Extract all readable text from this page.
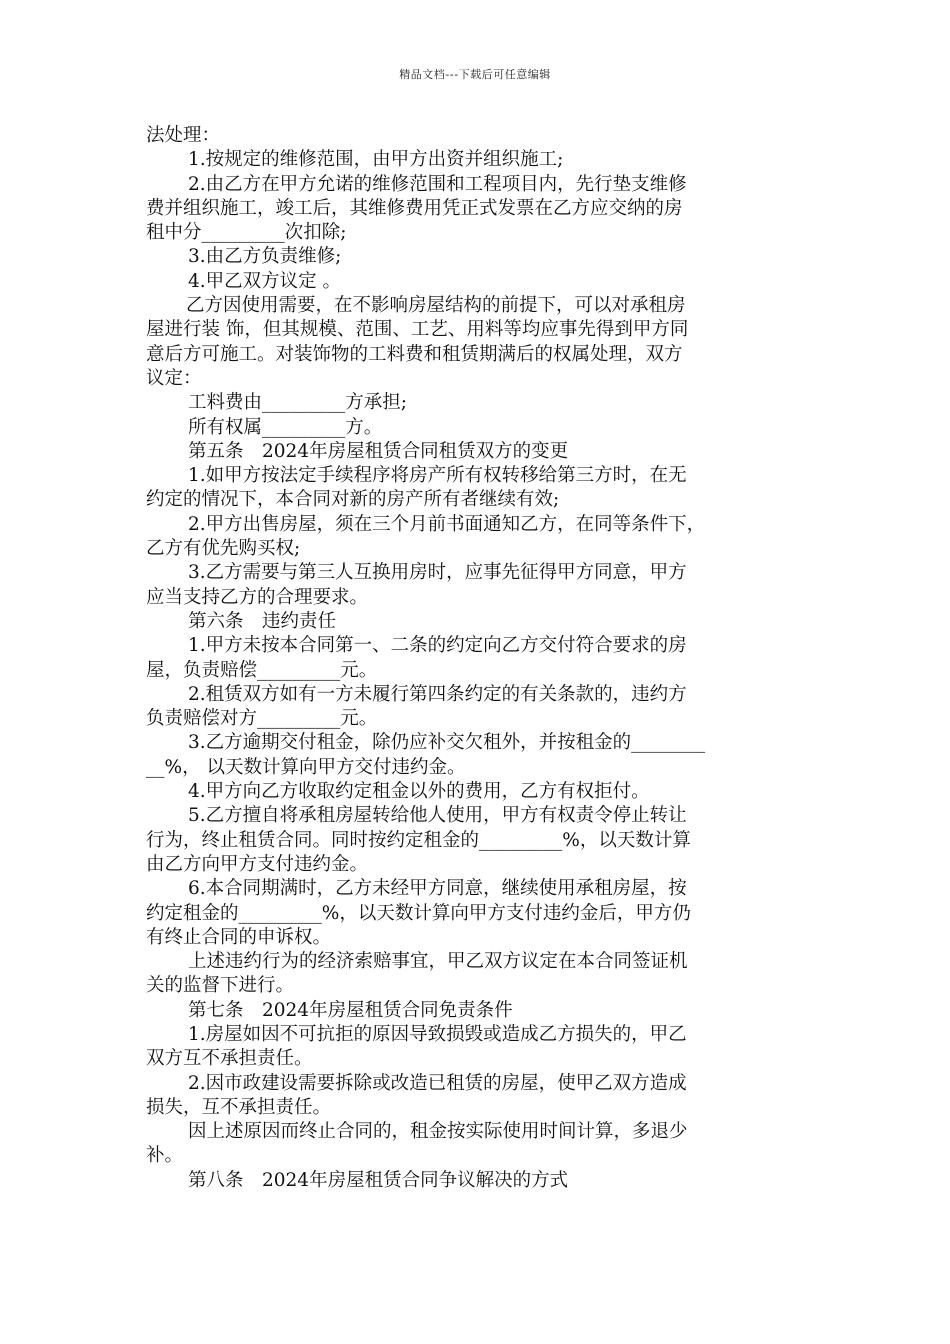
精品文档---下载后可任意编辑
法处理：
1.按规定的维修范围，由甲方出资并组织施工;
2.由乙方在甲方允诺的维修范围和工程项目内，先行垫支维修
费并组织施工，竣工后，其维修费用凭正式发票在乙方应交纳的房
租中分_________次扣除;
3.由乙方负责维修;
4.甲乙双方议定 。
乙方因使用需要，在不影响房屋结构的前提下，可以对承租房
屋进行装 饰，但其规模、范围、工艺、用料等均应事先得到甲方同
意后方可施工。对装饰物的工料费和租赁期满后的权属处理，双方
议定：
工料费由_________方承担;
所有权属_________方。
第五条　2024年房屋租赁合同租赁双方的变更
1.如甲方按法定手续程序将房产所有权转移给第三方时，在无
约定的情况下，本合同对新的房产所有者继续有效;
2.甲方出售房屋，须在三个月前书面通知乙方，在同等条件下，
乙方有优先购买权;
3.乙方需要与第三人互换用房时，应事先征得甲方同意，甲方
应当支持乙方的合理要求。
第六条　违约责任
1.甲方未按本合同第一、二条的约定向乙方交付符合要求的房
屋，负责赔偿_________元。
2.租赁双方如有一方未履行第四条约定的有关条款的，违约方
负责赔偿对方_________元。
3.乙方逾期交付租金，除仍应补交欠租外，并按租金的________
__%， 以天数计算向甲方交付违约金。
4.甲方向乙方收取约定租金以外的费用，乙方有权拒付。
5.乙方擅自将承租房屋转给他人使用，甲方有权责令停止转让
行为，终止租赁合同。同时按约定租金的_________%，以天数计算
由乙方向甲方支付违约金。
6.本合同期满时，乙方未经甲方同意，继续使用承租房屋，按
约定租金的_________%，以天数计算向甲方支付违约金后，甲方仍
有终止合同的申诉权。
上述违约行为的经济索赔事宜，甲乙双方议定在本合同签证机
关的监督下进行。
第七条　2024年房屋租赁合同免责条件
1.房屋如因不可抗拒的原因导致损毁或造成乙方损失的，甲乙
双方互不承担责任。
2.因市政建设需要拆除或改造已租赁的房屋，使甲乙双方造成
损失，互不承担责任。
因上述原因而终止合同的，租金按实际使用时间计算，多退少
补。
第八条　2024年房屋租赁合同争议解决的方式
